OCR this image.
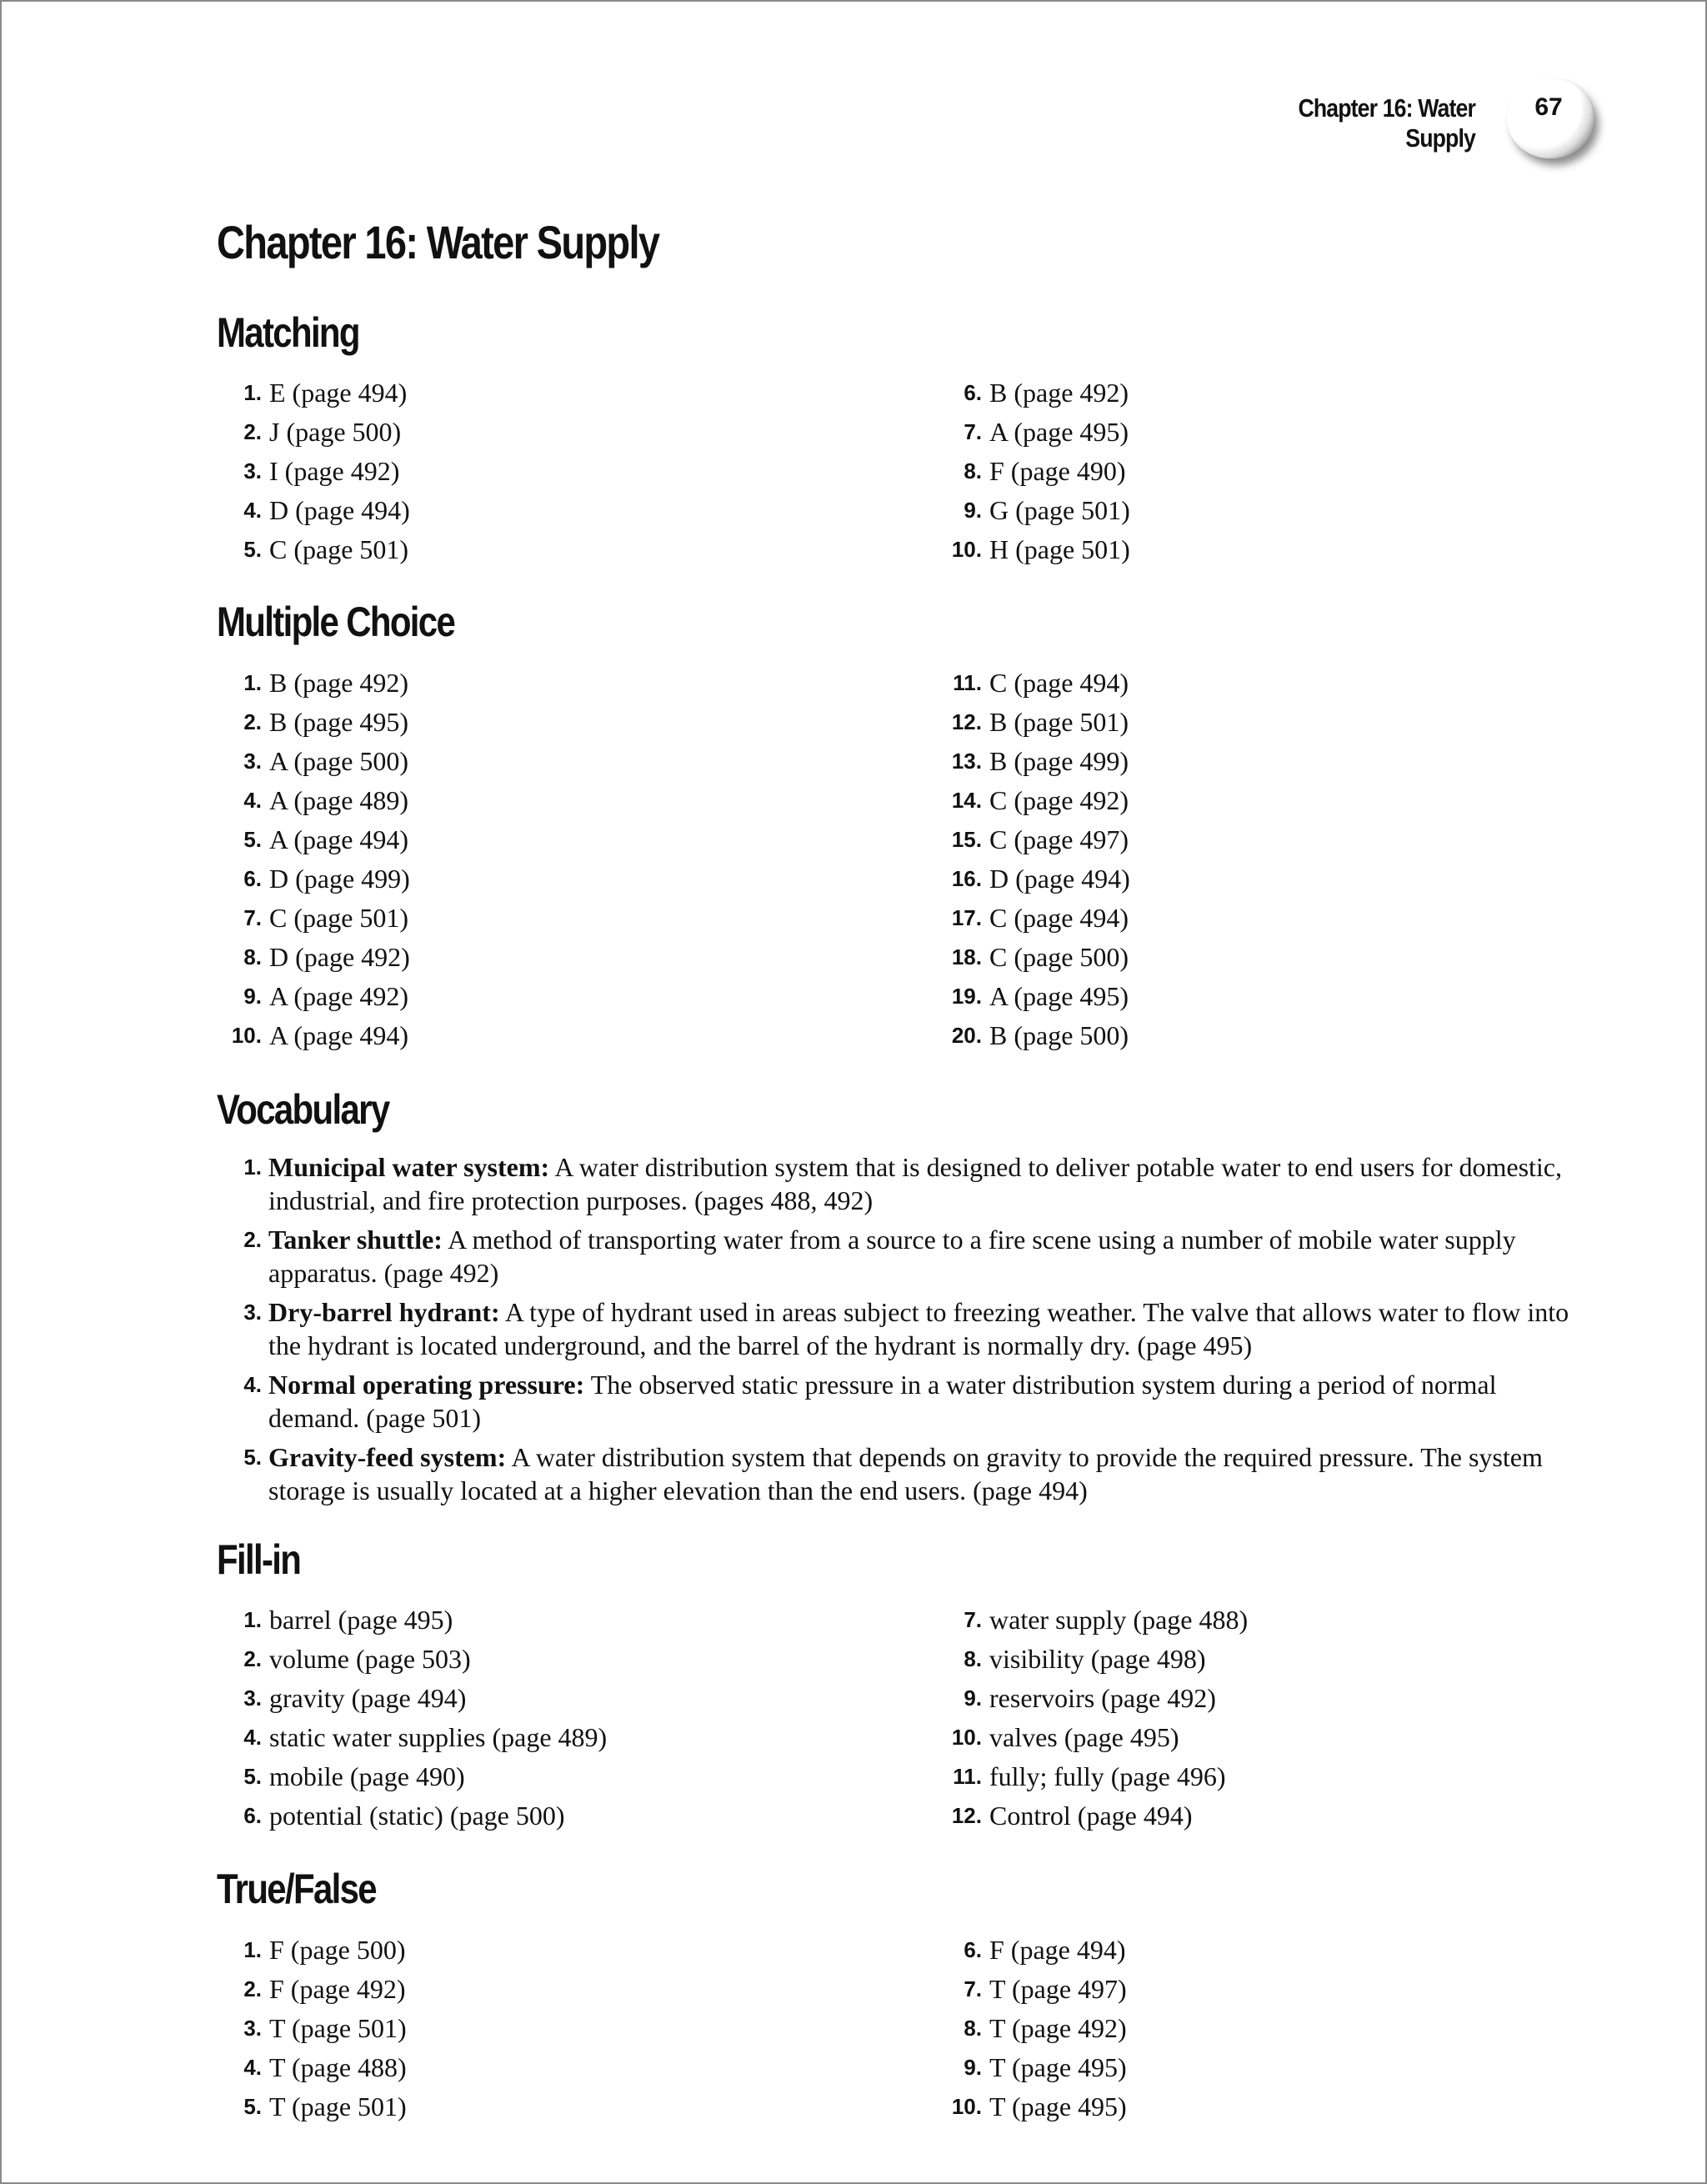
Chapter 16: Water Supply
67
Chapter 16: Water Supply
Matching
1. E (page 494)
2. J (page 500)
3. I (page 492)
4. D (page 494)
5. C (page 501)
6. B (page 492)
7. A (page 495)
8. F (page 490)
9. G (page 501)
10. H (page 501)
Multiple Choice
1. B (page 492)
2. B (page 495)
3. A (page 500)
4. A (page 489)
5. A (page 494)
6. D (page 499)
7. C (page 501)
8. D (page 492)
9. A (page 492)
10. A (page 494)
11. C (page 494)
12. B (page 501)
13. B (page 499)
14. C (page 492)
15. C (page 497)
16. D (page 494)
17. C (page 494)
18. C (page 500)
19. A (page 495)
20. B (page 500)
Vocabulary
1. Municipal water system: A water distribution system that is designed to deliver potable water to end users for domestic, industrial, and fire protection purposes. (pages 488, 492)
2. Tanker shuttle: A method of transporting water from a source to a fire scene using a number of mobile water supply apparatus. (page 492)
3. Dry-barrel hydrant: A type of hydrant used in areas subject to freezing weather. The valve that allows water to flow into the hydrant is located underground, and the barrel of the hydrant is normally dry. (page 495)
4. Normal operating pressure: The observed static pressure in a water distribution system during a period of normal demand. (page 501)
5. Gravity-feed system: A water distribution system that depends on gravity to provide the required pressure. The system storage is usually located at a higher elevation than the end users. (page 494)
Fill-in
1. barrel (page 495)
2. volume (page 503)
3. gravity (page 494)
4. static water supplies (page 489)
5. mobile (page 490)
6. potential (static) (page 500)
7. water supply (page 488)
8. visibility (page 498)
9. reservoirs (page 492)
10. valves (page 495)
11. fully; fully (page 496)
12. Control (page 494)
True/False
1. F (page 500)
2. F (page 492)
3. T (page 501)
4. T (page 488)
5. T (page 501)
6. F (page 494)
7. T (page 497)
8. T (page 492)
9. T (page 495)
10. T (page 495)
